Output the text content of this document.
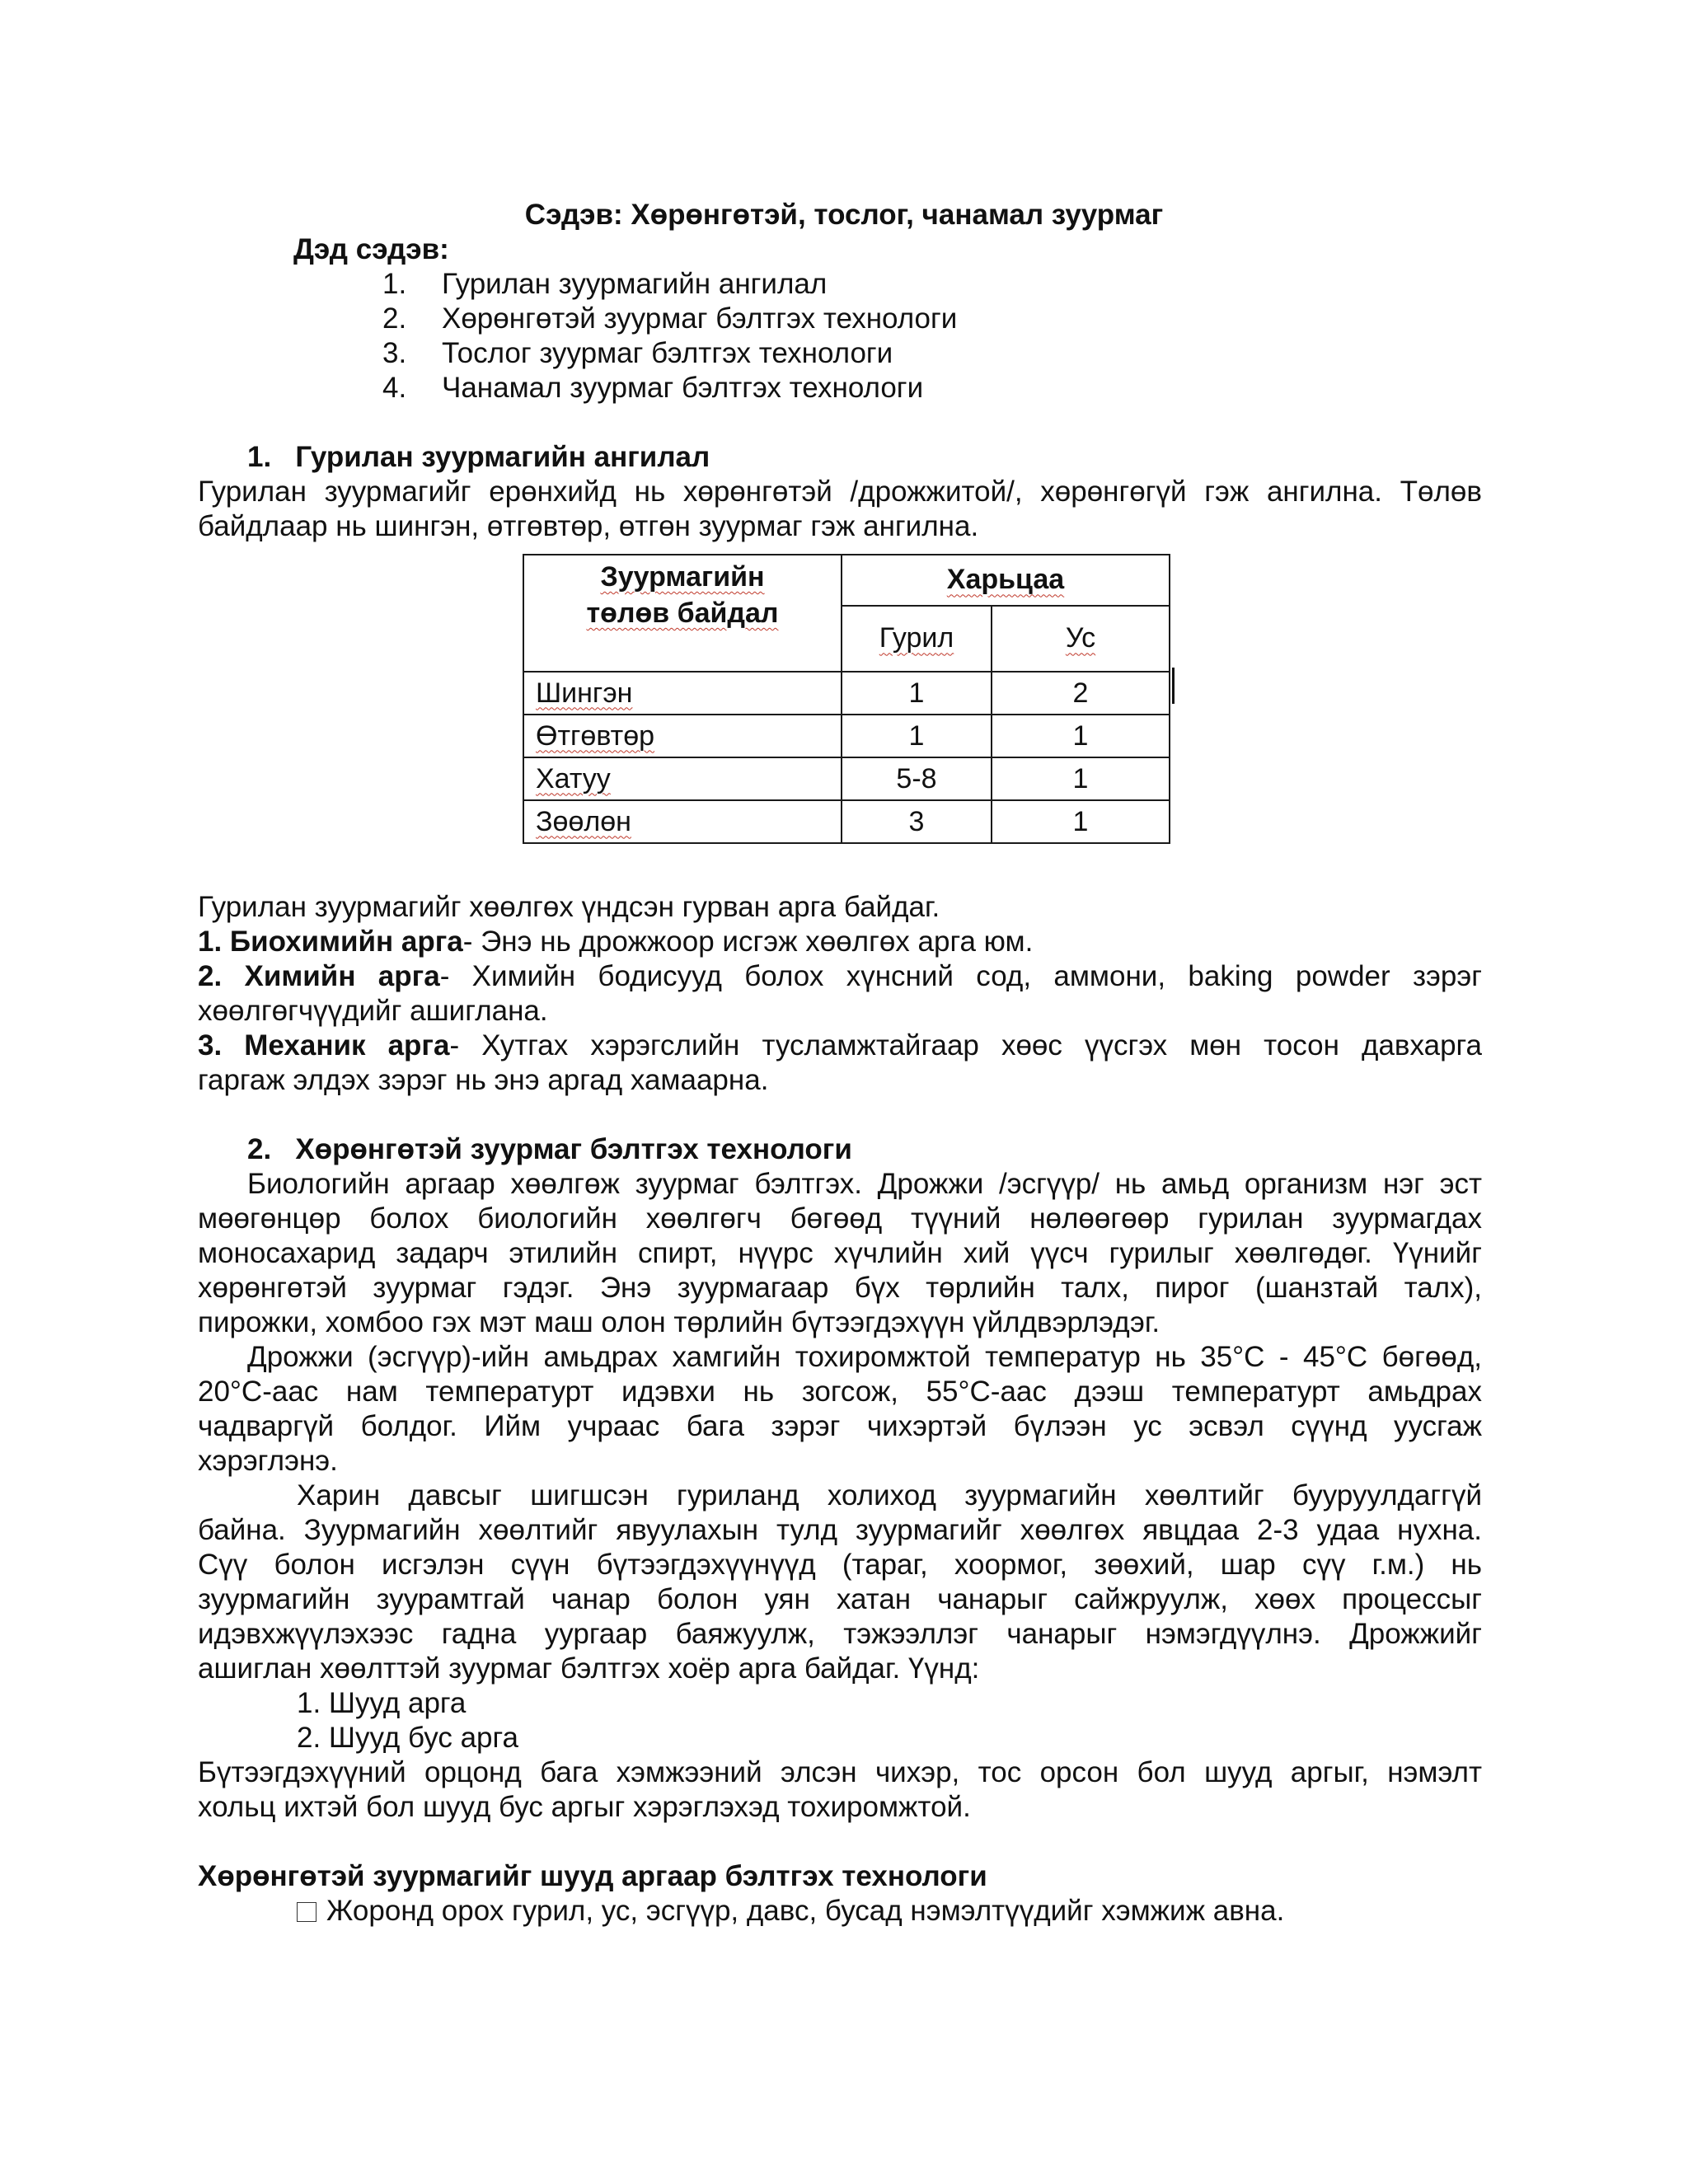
Сэдэв: Хөрөнгөтэй, тослог, чанамал зуурмаг
Дэд сэдэв:
1. Гурилан зуурмагийн ангилал
2. Хөрөнгөтэй зуурмаг бэлтгэх технологи
3. Тослог зуурмаг бэлтгэх технологи
4. Чанамал зуурмаг бэлтгэх технологи
1.   Гурилан зуурмагийн ангилал
Гурилан зуурмагийг ерөнхийд нь хөрөнгөтэй /дрожжитой/, хөрөнгөгүй гэж ангилна. Төлөв
байдлаар нь шингэн, өтгөвтөр, өтгөн зуурмаг гэж ангилна.
Зуурмагийн
төлөв байдал	Харьцаа	
	Гурил	Ус
Шингэн	1	2
Өтгөвтөр	1	1
Хатуу	5-8	1
Зөөлөн	3	1
Гурилан зуурмагийг хөөлгөх үндсэн гурван арга байдаг.
1. Биохимийн арга- Энэ нь дрожжоор исгэж хөөлгөх арга юм.
2. Химийн арга- Химийн бодисууд болох хүнсний сод, аммони, baking powder зэрэг
хөөлгөгчүүдийг ашиглана.
3. Механик арга- Хутгах хэрэгслийн тусламжтайгаар хөөс үүсгэх мөн тосон давхарга
гаргаж элдэх зэрэг нь энэ аргад хамаарна.
2.   Хөрөнгөтэй зуурмаг бэлтгэх технологи
Биологийн аргаар хөөлгөж зуурмаг бэлтгэх. Дрожжи /эсгүүр/ нь амьд организм нэг эст
мөөгөнцөр болох биологийн хөөлгөгч бөгөөд түүний нөлөөгөөр гурилан зуурмагдах
моносахарид задарч этилийн спирт, нүүрс хүчлийн хий үүсч гурилыг хөөлгөдөг. Үүнийг
хөрөнгөтэй зуурмаг гэдэг. Энэ зуурмагаар бүх төрлийн талх, пирог (шанзтай талх),
пирожки, хомбоо гэх мэт маш олон төрлийн бүтээгдэхүүн үйлдвэрлэдэг.
Дрожжи (эсгүүр)-ийн амьдрах хамгийн тохиромжтой температур нь 35°C - 45°C бөгөөд,
20°C-аас нам температурт идэвхи нь зогсож, 55°C-аас дээш температурт амьдрах
чадваргүй болдог. Ийм учраас бага зэрэг чихэртэй бүлээн ус эсвэл сүүнд уусгаж
хэрэглэнэ.
Харин давсыг шигшсэн гуриланд холиход зуурмагийн хөөлтийг бууруулдаггүй
байна. Зуурмагийн хөөлтийг явуулахын тулд зуурмагийг хөөлгөх явцдаа 2-3 удаа нухна.
Сүү болон исгэлэн сүүн бүтээгдэхүүнүүд (тараг, хоормог, зөөхий, шар сүү г.м.) нь
зуурмагийн зуурамтгай чанар болон уян хатан чанарыг сайжруулж, хөөх процессыг
идэвхжүүлэхээс гадна уургаар баяжуулж, тэжээллэг чанарыг нэмэгдүүлнэ. Дрожжийг
ашиглан хөөлттэй зуурмаг бэлтгэх хоёр арга байдаг. Үүнд:
1. Шууд арга
2. Шууд бус арга
Бүтээгдэхүүний орцонд бага хэмжээний элсэн чихэр, тос орсон бол шууд аргыг, нэмэлт
хольц ихтэй бол шууд бус аргыг хэрэглэхэд тохиромжтой.
Хөрөнгөтэй зуурмагийг шууд аргаар бэлтгэх технологи
Жоронд орох гурил, ус, эсгүүр, давс, бусад нэмэлтүүдийг хэмжиж авна.
